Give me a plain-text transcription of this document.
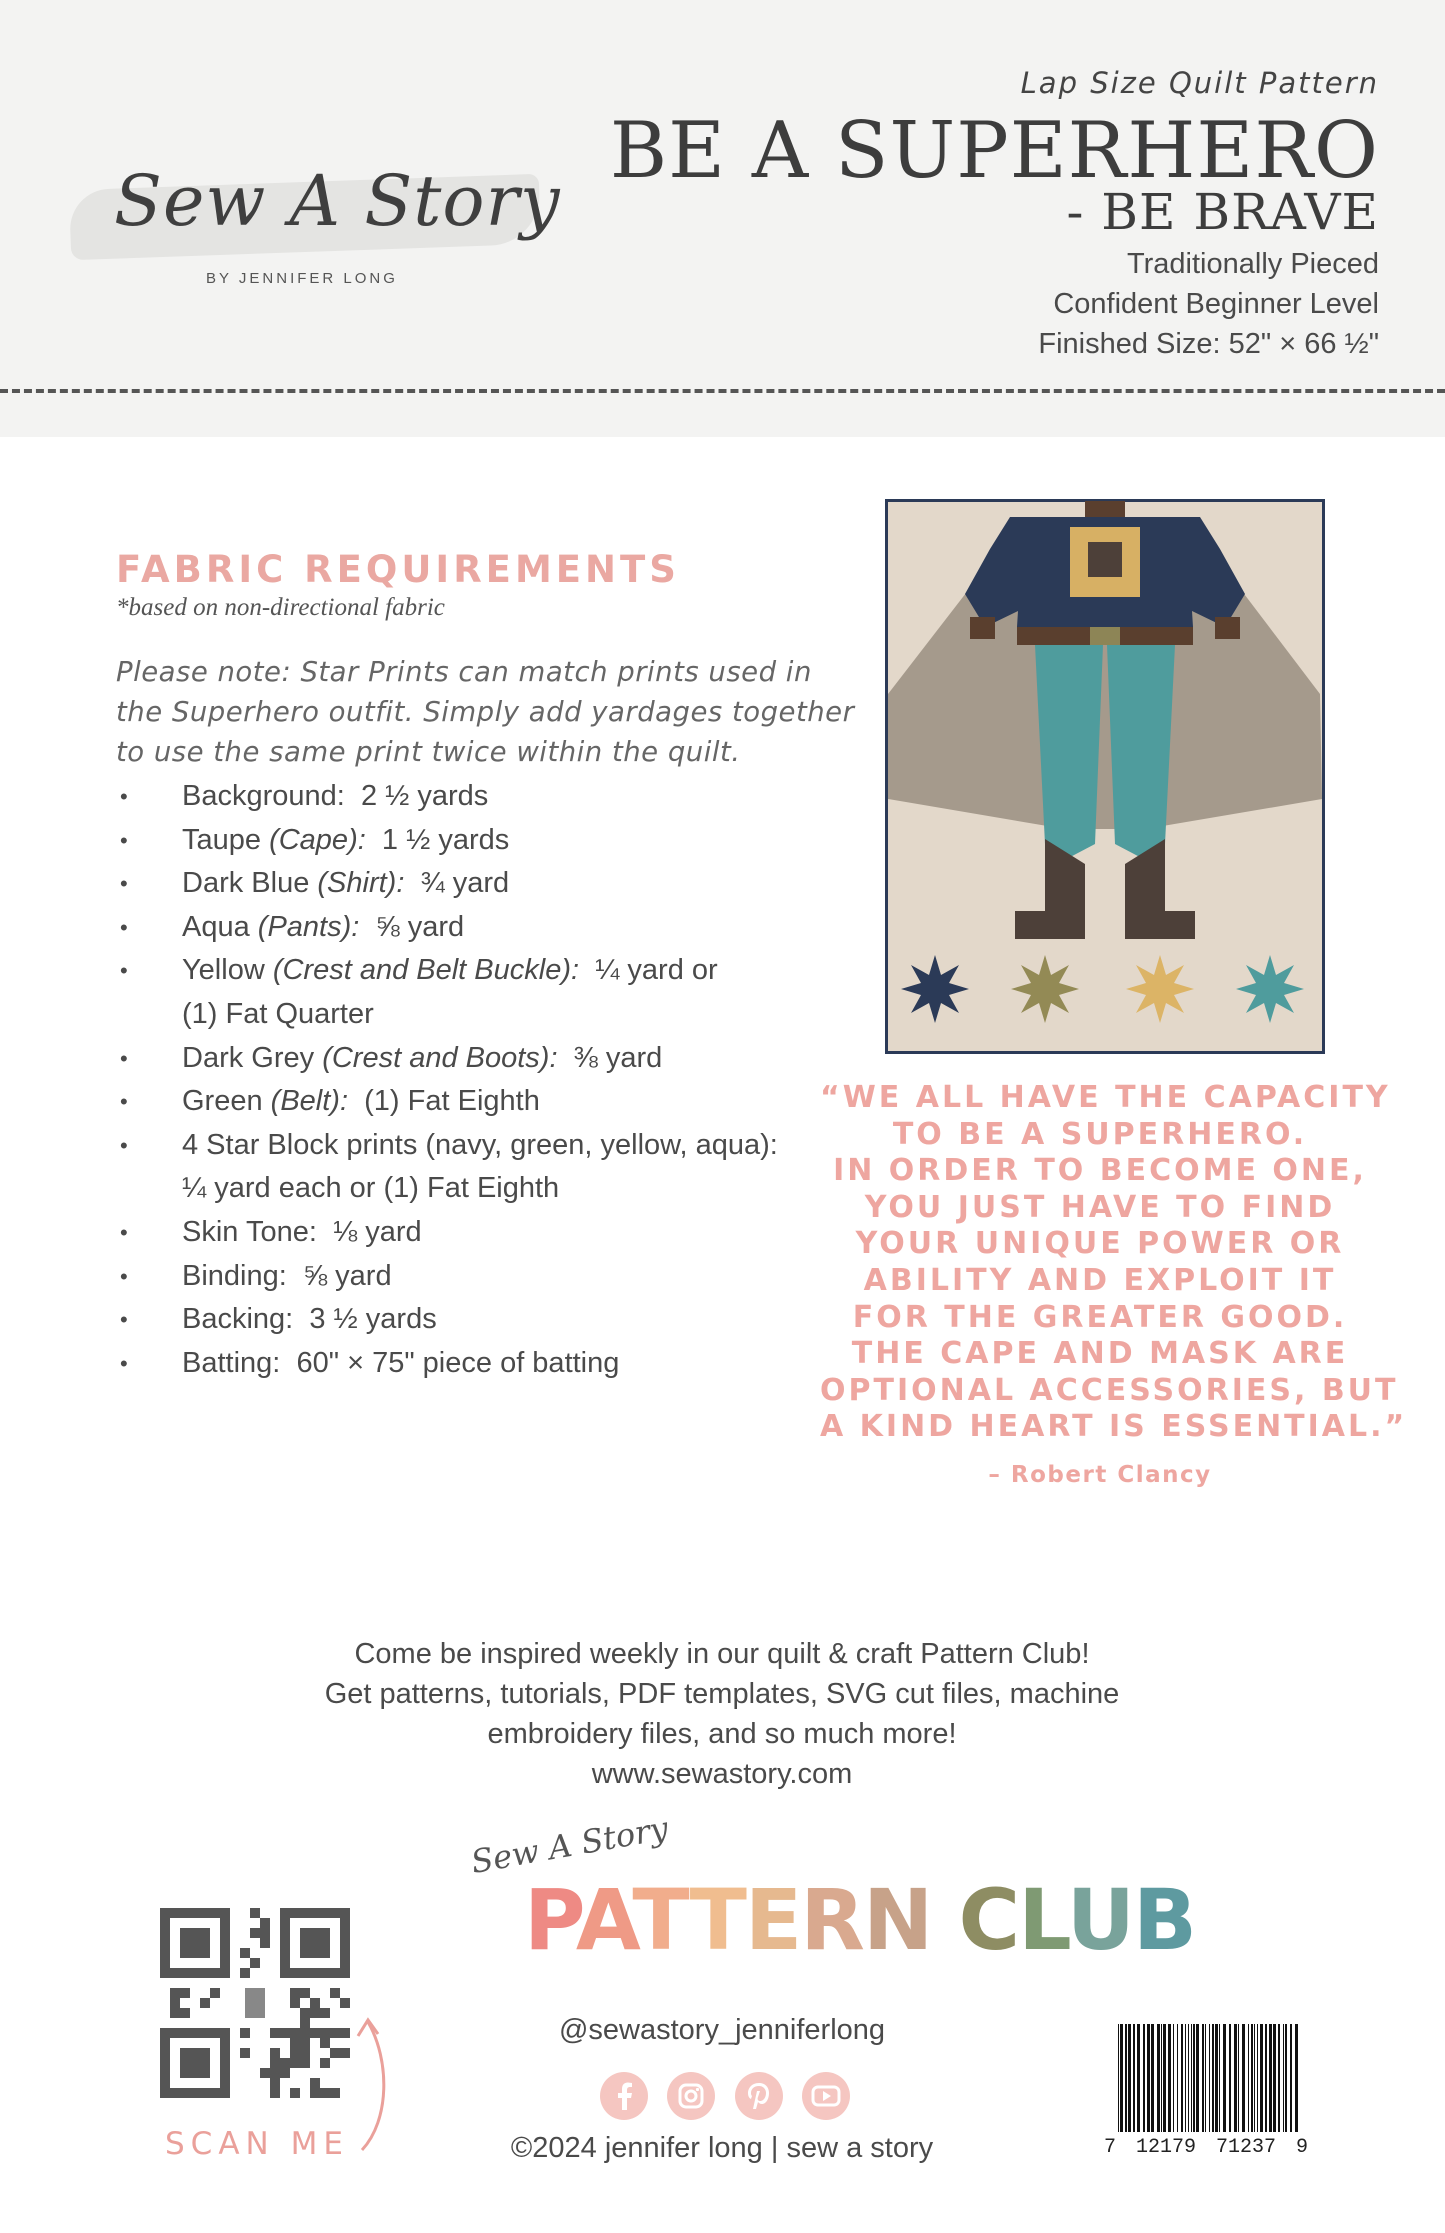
Sew A Story
BY JENNIFER LONG
Lap Size Quilt Pattern
BE A SUPERHERO
- BE BRAVE
Traditionally Pieced
Confident Beginner Level
Finished Size: 52" × 66 ½"
FABRIC REQUIREMENTS
*based on non-directional fabric
Please note: Star Prints can match prints used in
the Superhero outfit. Simply add yardages together
to use the same print twice within the quilt.
• Background: 2 ½ yards
• Taupe (Cape): 1 ½ yards
• Dark Blue (Shirt): ¾ yard
• Aqua (Pants): ⅝ yard
• Yellow (Crest and Belt Buckle): ¼ yard or
(1) Fat Quarter
• Dark Grey (Crest and Boots): ⅜ yard
• Green (Belt): (1) Fat Eighth
• 4 Star Block prints (navy, green, yellow, aqua):
¼ yard each or (1) Fat Eighth
• Skin Tone: ⅛ yard
• Binding: ⅝ yard
• Backing: 3 ½ yards
• Batting: 60" × 75" piece of batting
“WE ALL HAVE THE CAPACITY
TO BE A SUPERHERO.
IN ORDER TO BECOME ONE,
YOU JUST HAVE TO FIND
YOUR UNIQUE POWER OR
ABILITY AND EXPLOIT IT
FOR THE GREATER GOOD.
THE CAPE AND MASK ARE
OPTIONAL ACCESSORIES, BUT
A KIND HEART IS ESSENTIAL.”
– Robert Clancy
Come be inspired weekly in our quilt & craft Pattern Club!
Get patterns, tutorials, PDF templates, SVG cut files, machine
embroidery files, and so much more!
www.sewastory.com
Sew A Story
PATTERN CLUB
SCAN ME
@sewastory_jenniferlong
©2024 jennifer long | sew a story	7 12179 71237 9
